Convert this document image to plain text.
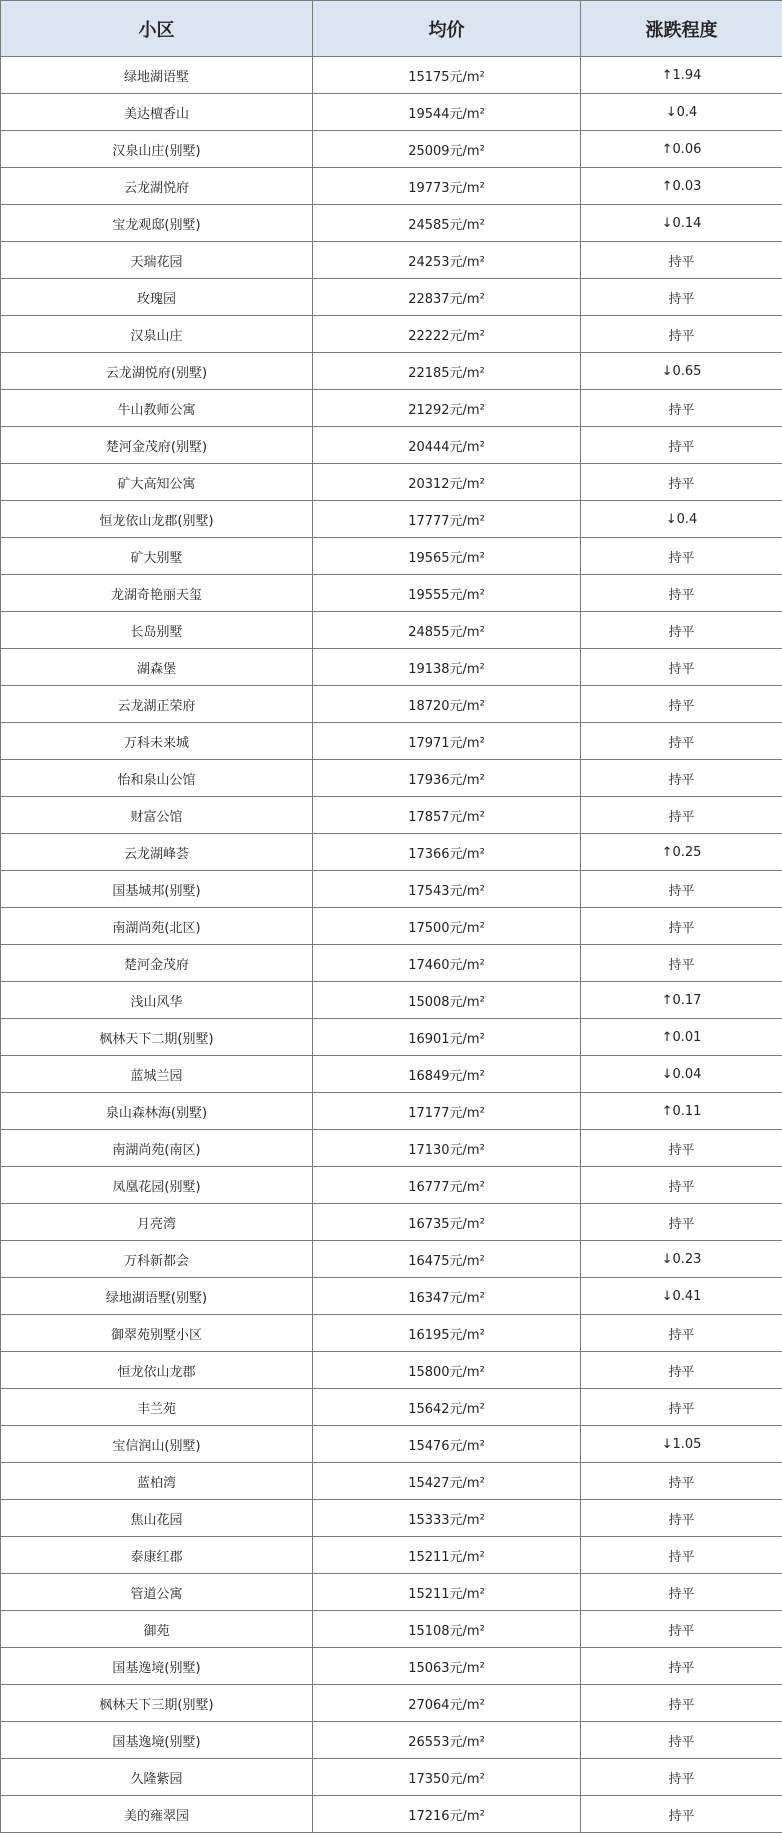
小区	均价	涨跌程度
绿地湖语墅	15175元/m²	↑1.94
美达檀香山	19544元/m²	↓0.4
汉泉山庄(别墅)	25009元/m²	↑0.06
云龙湖悦府	19773元/m²	↑0.03
宝龙观邸(别墅)	24585元/m²	↓0.14
天瑞花园	24253元/m²	持平
玫瑰园	22837元/m²	持平
汉泉山庄	22222元/m²	持平
云龙湖悦府(别墅)	22185元/m²	↓0.65
牛山教师公寓	21292元/m²	持平
楚河金茂府(别墅)	20444元/m²	持平
矿大高知公寓	20312元/m²	持平
恒龙依山龙郡(别墅)	17777元/m²	↓0.4
矿大别墅	19565元/m²	持平
龙湖奇艳丽天玺	19555元/m²	持平
长岛别墅	24855元/m²	持平
湖森堡	19138元/m²	持平
云龙湖正荣府	18720元/m²	持平
万科未来城	17971元/m²	持平
怡和泉山公馆	17936元/m²	持平
财富公馆	17857元/m²	持平
云龙湖峰荟	17366元/m²	↑0.25
国基城邦(别墅)	17543元/m²	持平
南湖尚苑(北区)	17500元/m²	持平
楚河金茂府	17460元/m²	持平
浅山风华	15008元/m²	↑0.17
枫林天下二期(别墅)	16901元/m²	↑0.01
蓝城兰园	16849元/m²	↓0.04
泉山森林海(别墅)	17177元/m²	↑0.11
南湖尚苑(南区)	17130元/m²	持平
凤凰花园(别墅)	16777元/m²	持平
月亮湾	16735元/m²	持平
万科新都会	16475元/m²	↓0.23
绿地湖语墅(别墅)	16347元/m²	↓0.41
御翠苑别墅小区	16195元/m²	持平
恒龙依山龙郡	15800元/m²	持平
丰兰苑	15642元/m²	持平
宝信润山(别墅)	15476元/m²	↓1.05
蓝柏湾	15427元/m²	持平
焦山花园	15333元/m²	持平
泰康红郡	15211元/m²	持平
管道公寓	15211元/m²	持平
御苑	15108元/m²	持平
国基逸境(别墅)	15063元/m²	持平
枫林天下三期(别墅)	27064元/m²	持平
国基逸境(别墅)	26553元/m²	持平
久隆紫园	17350元/m²	持平
美的雍翠园	17216元/m²	持平
